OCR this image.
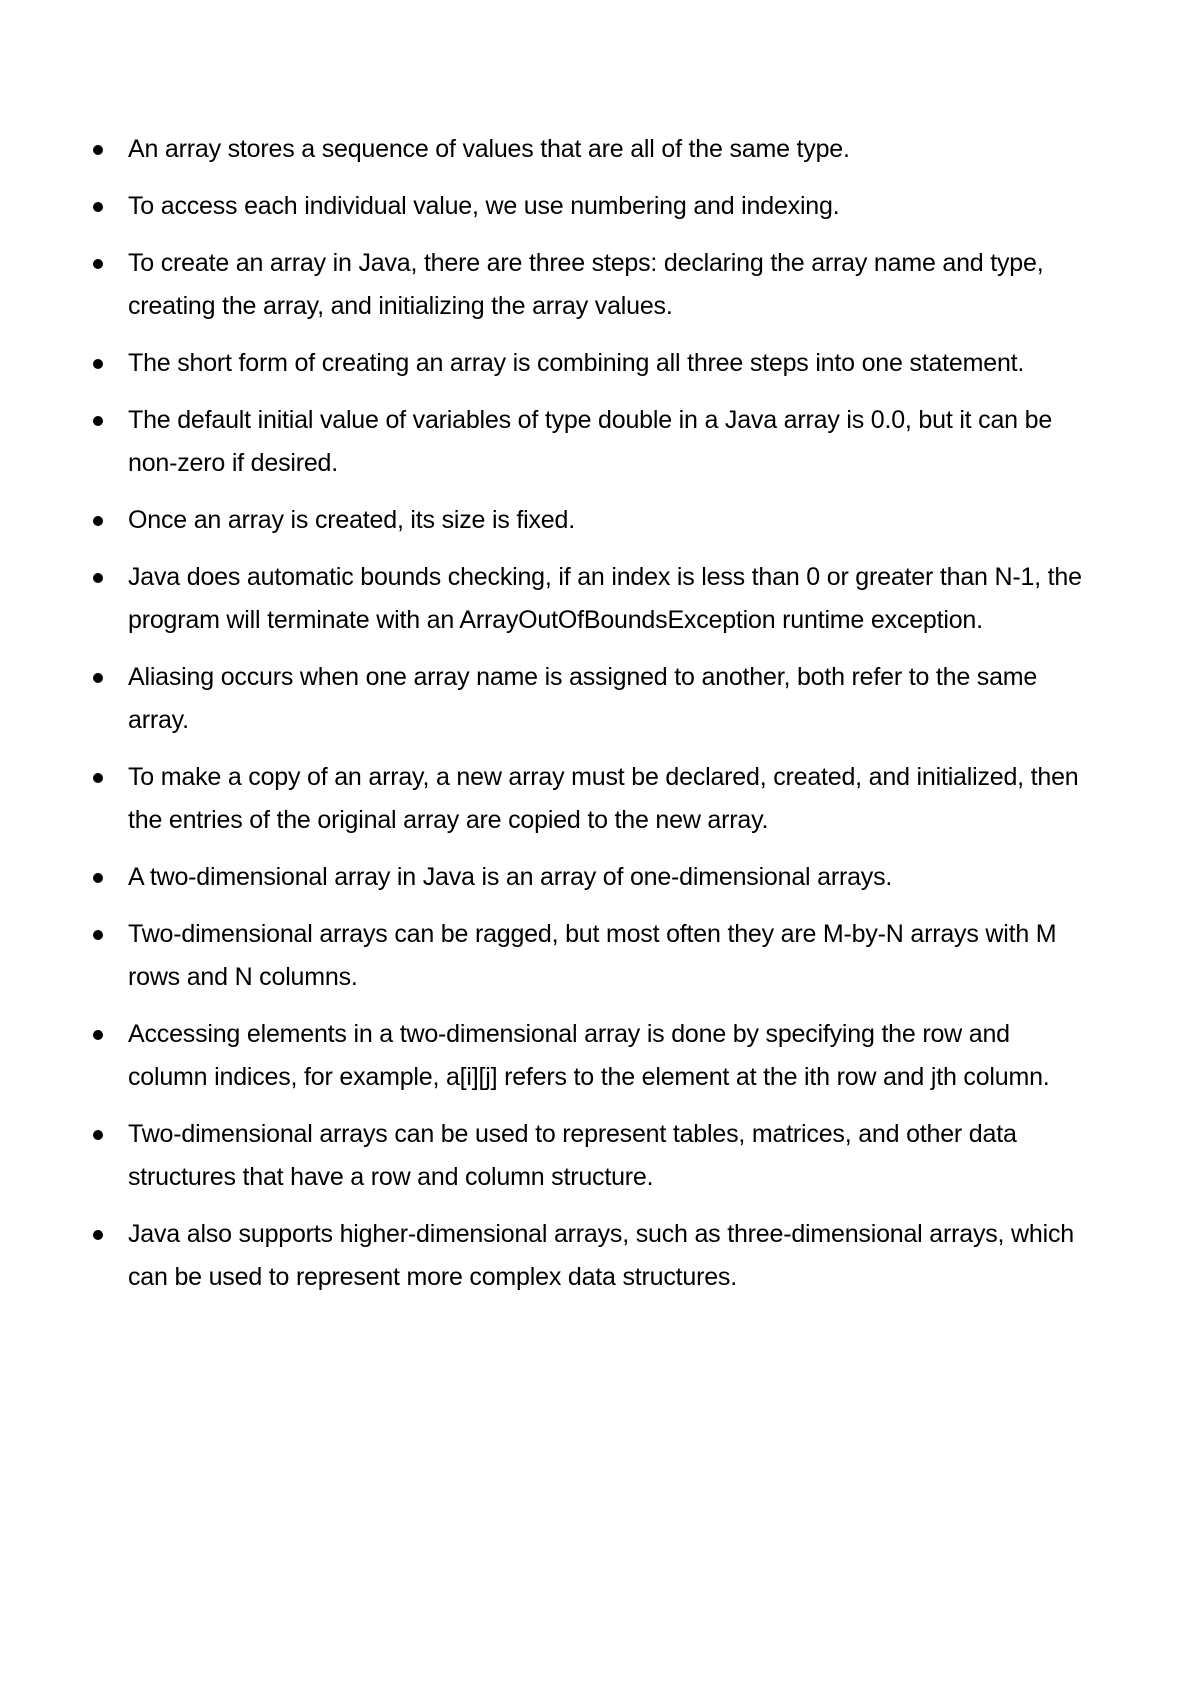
An array stores a sequence of values that are all of the same type.
To access each individual value, we use numbering and indexing.
To create an array in Java, there are three steps: declaring the array name and type, creating the array, and initializing the array values.
The short form of creating an array is combining all three steps into one statement.
The default initial value of variables of type double in a Java array is 0.0, but it can be non-zero if desired.
Once an array is created, its size is fixed.
Java does automatic bounds checking, if an index is less than 0 or greater than N-1, the program will terminate with an ArrayOutOfBoundsException runtime exception.
Aliasing occurs when one array name is assigned to another, both refer to the same array.
To make a copy of an array, a new array must be declared, created, and initialized, then the entries of the original array are copied to the new array.
A two-dimensional array in Java is an array of one-dimensional arrays.
Two-dimensional arrays can be ragged, but most often they are M-by-N arrays with M rows and N columns.
Accessing elements in a two-dimensional array is done by specifying the row and column indices, for example, a[i][j] refers to the element at the ith row and jth column.
Two-dimensional arrays can be used to represent tables, matrices, and other data structures that have a row and column structure.
Java also supports higher-dimensional arrays, such as three-dimensional arrays, which can be used to represent more complex data structures.
